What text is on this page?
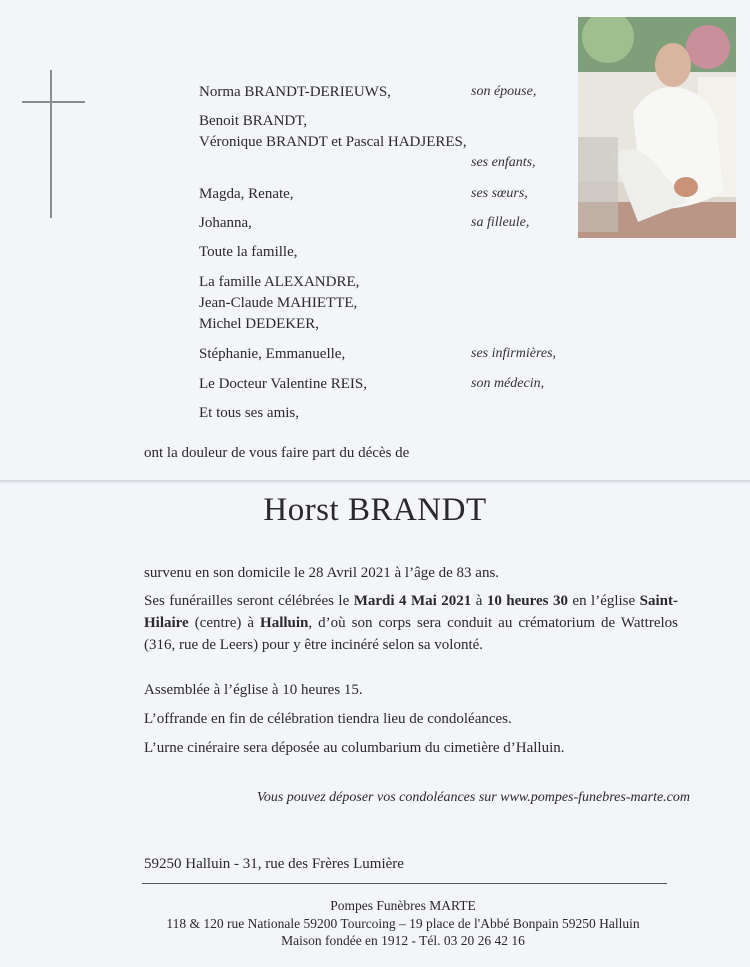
Norma BRANDT-DERIEUWS,	son épouse,
Benoit BRANDT,
Véronique BRANDT et Pascal HADJERES,
ses enfants,
Magda, Renate,	ses sœurs,
Johanna,	sa filleule,
Toute la famille,
La famille ALEXANDRE,
Jean-Claude MAHIETTE,
Michel DEDEKER,
Stéphanie, Emmanuelle,	ses infirmières,
Le Docteur Valentine REIS,	son médecin,
Et tous ses amis,
ont la douleur de vous faire part du décès de
Horst BRANDT
survenu en son domicile le 28 Avril 2021 à l’âge de 83 ans.
Ses funérailles seront célébrées le Mardi 4 Mai 2021 à 10 heures 30 en l’église Saint-Hilaire (centre) à Halluin, d’où son corps sera conduit au crématorium de Wattrelos (316, rue de Leers) pour y être incinéré selon sa volonté.
Assemblée à l’église à 10 heures 15.
L’offrande en fin de célébration tiendra lieu de condoléances.
L’urne cinéraire sera déposée au columbarium du cimetière d’Halluin.
Vous pouvez déposer vos condoléances sur www.pompes-funebres-marte.com
59250 Halluin - 31, rue des Frères Lumière
Pompes Funèbres MARTE
118 & 120 rue Nationale 59200 Tourcoing – 19 place de l'Abbé Bonpain 59250 Halluin
Maison fondée en 1912 - Tél. 03 20 26 42 16
